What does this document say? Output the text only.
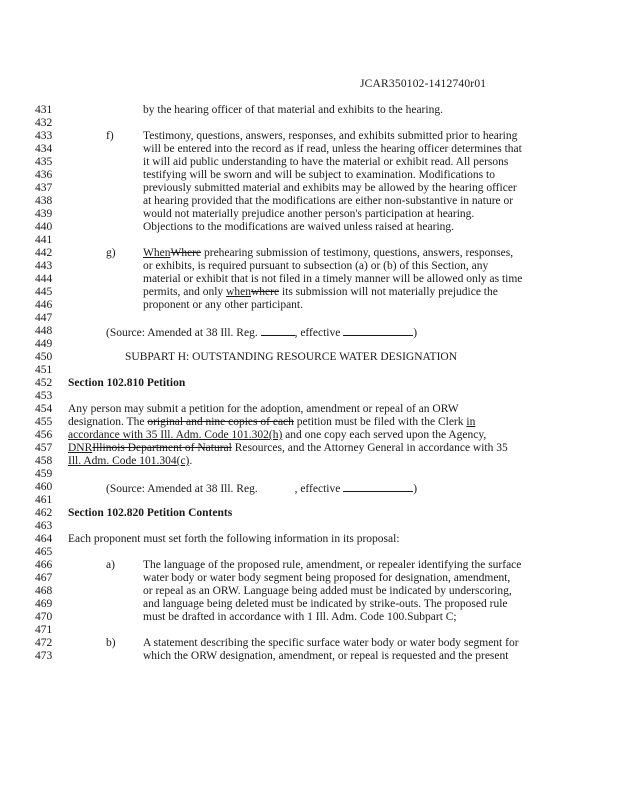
JCAR350102-1412740r01
431
432
433
434
435
436
437
438
439
440
441
442
443
444
445
446
447
448
449
450
451
452
453
454
455
456
457
458
459
460
461
462
463
464
465
466
467
468
469
470
471
472
473
by the hearing officer of that material and exhibits to the hearing.
f)	Testimony, questions, answers, responses, and exhibits submitted prior to hearing
will be entered into the record as if read, unless the hearing officer determines that
it will aid public understanding to have the material or exhibit read. All persons
testifying will be sworn and will be subject to examination. Modifications to
previously submitted material and exhibits may be allowed by the hearing officer
at hearing provided that the modifications are either non-substantive in nature or
would not materially prejudice another person's participation at hearing.
Objections to the modifications are waived unless raised at hearing.
g) WhenWhere prehearing submission of testimony, questions, answers, responses,
or exhibits, is required pursuant to subsection (a) or (b) of this Section, any
material or exhibit that is not filed in a timely manner will be allowed only as time
permits, and only whenwhere its submission will not materially prejudice the
proponent or any other participant.
(Source: Amended at 38 Ill. Reg.	, effective	)
SUBPART H: OUTSTANDING RESOURCE WATER DESIGNATION
Section 102.810 Petition
Any person may submit a petition for the adoption, amendment or repeal of an ORW
designation. The original and nine copies of each petition must be filed with the Clerk in
accordance with 35 Ill. Adm. Code 101.302(h) and one copy each served upon the Agency,
DNRIllinois Department of Natural Resources, and the Attorney General in accordance with 35
Ill. Adm. Code 101.304(c).
(Source: Amended at 38 Ill. Reg.	, effective	)
Section 102.820 Petition Contents
Each proponent must set forth the following information in its proposal:
a) The language of the proposed rule, amendment, or repealer identifying the surface
water body or water body segment being proposed for designation, amendment,
or repeal as an ORW. Language being added must be indicated by underscoring,
and language being deleted must be indicated by strike-outs. The proposed rule
must be drafted in accordance with 1 Ill. Adm. Code 100.Subpart C;
b) A statement describing the specific surface water body or water body segment for
which the ORW designation, amendment, or repeal is requested and the present
